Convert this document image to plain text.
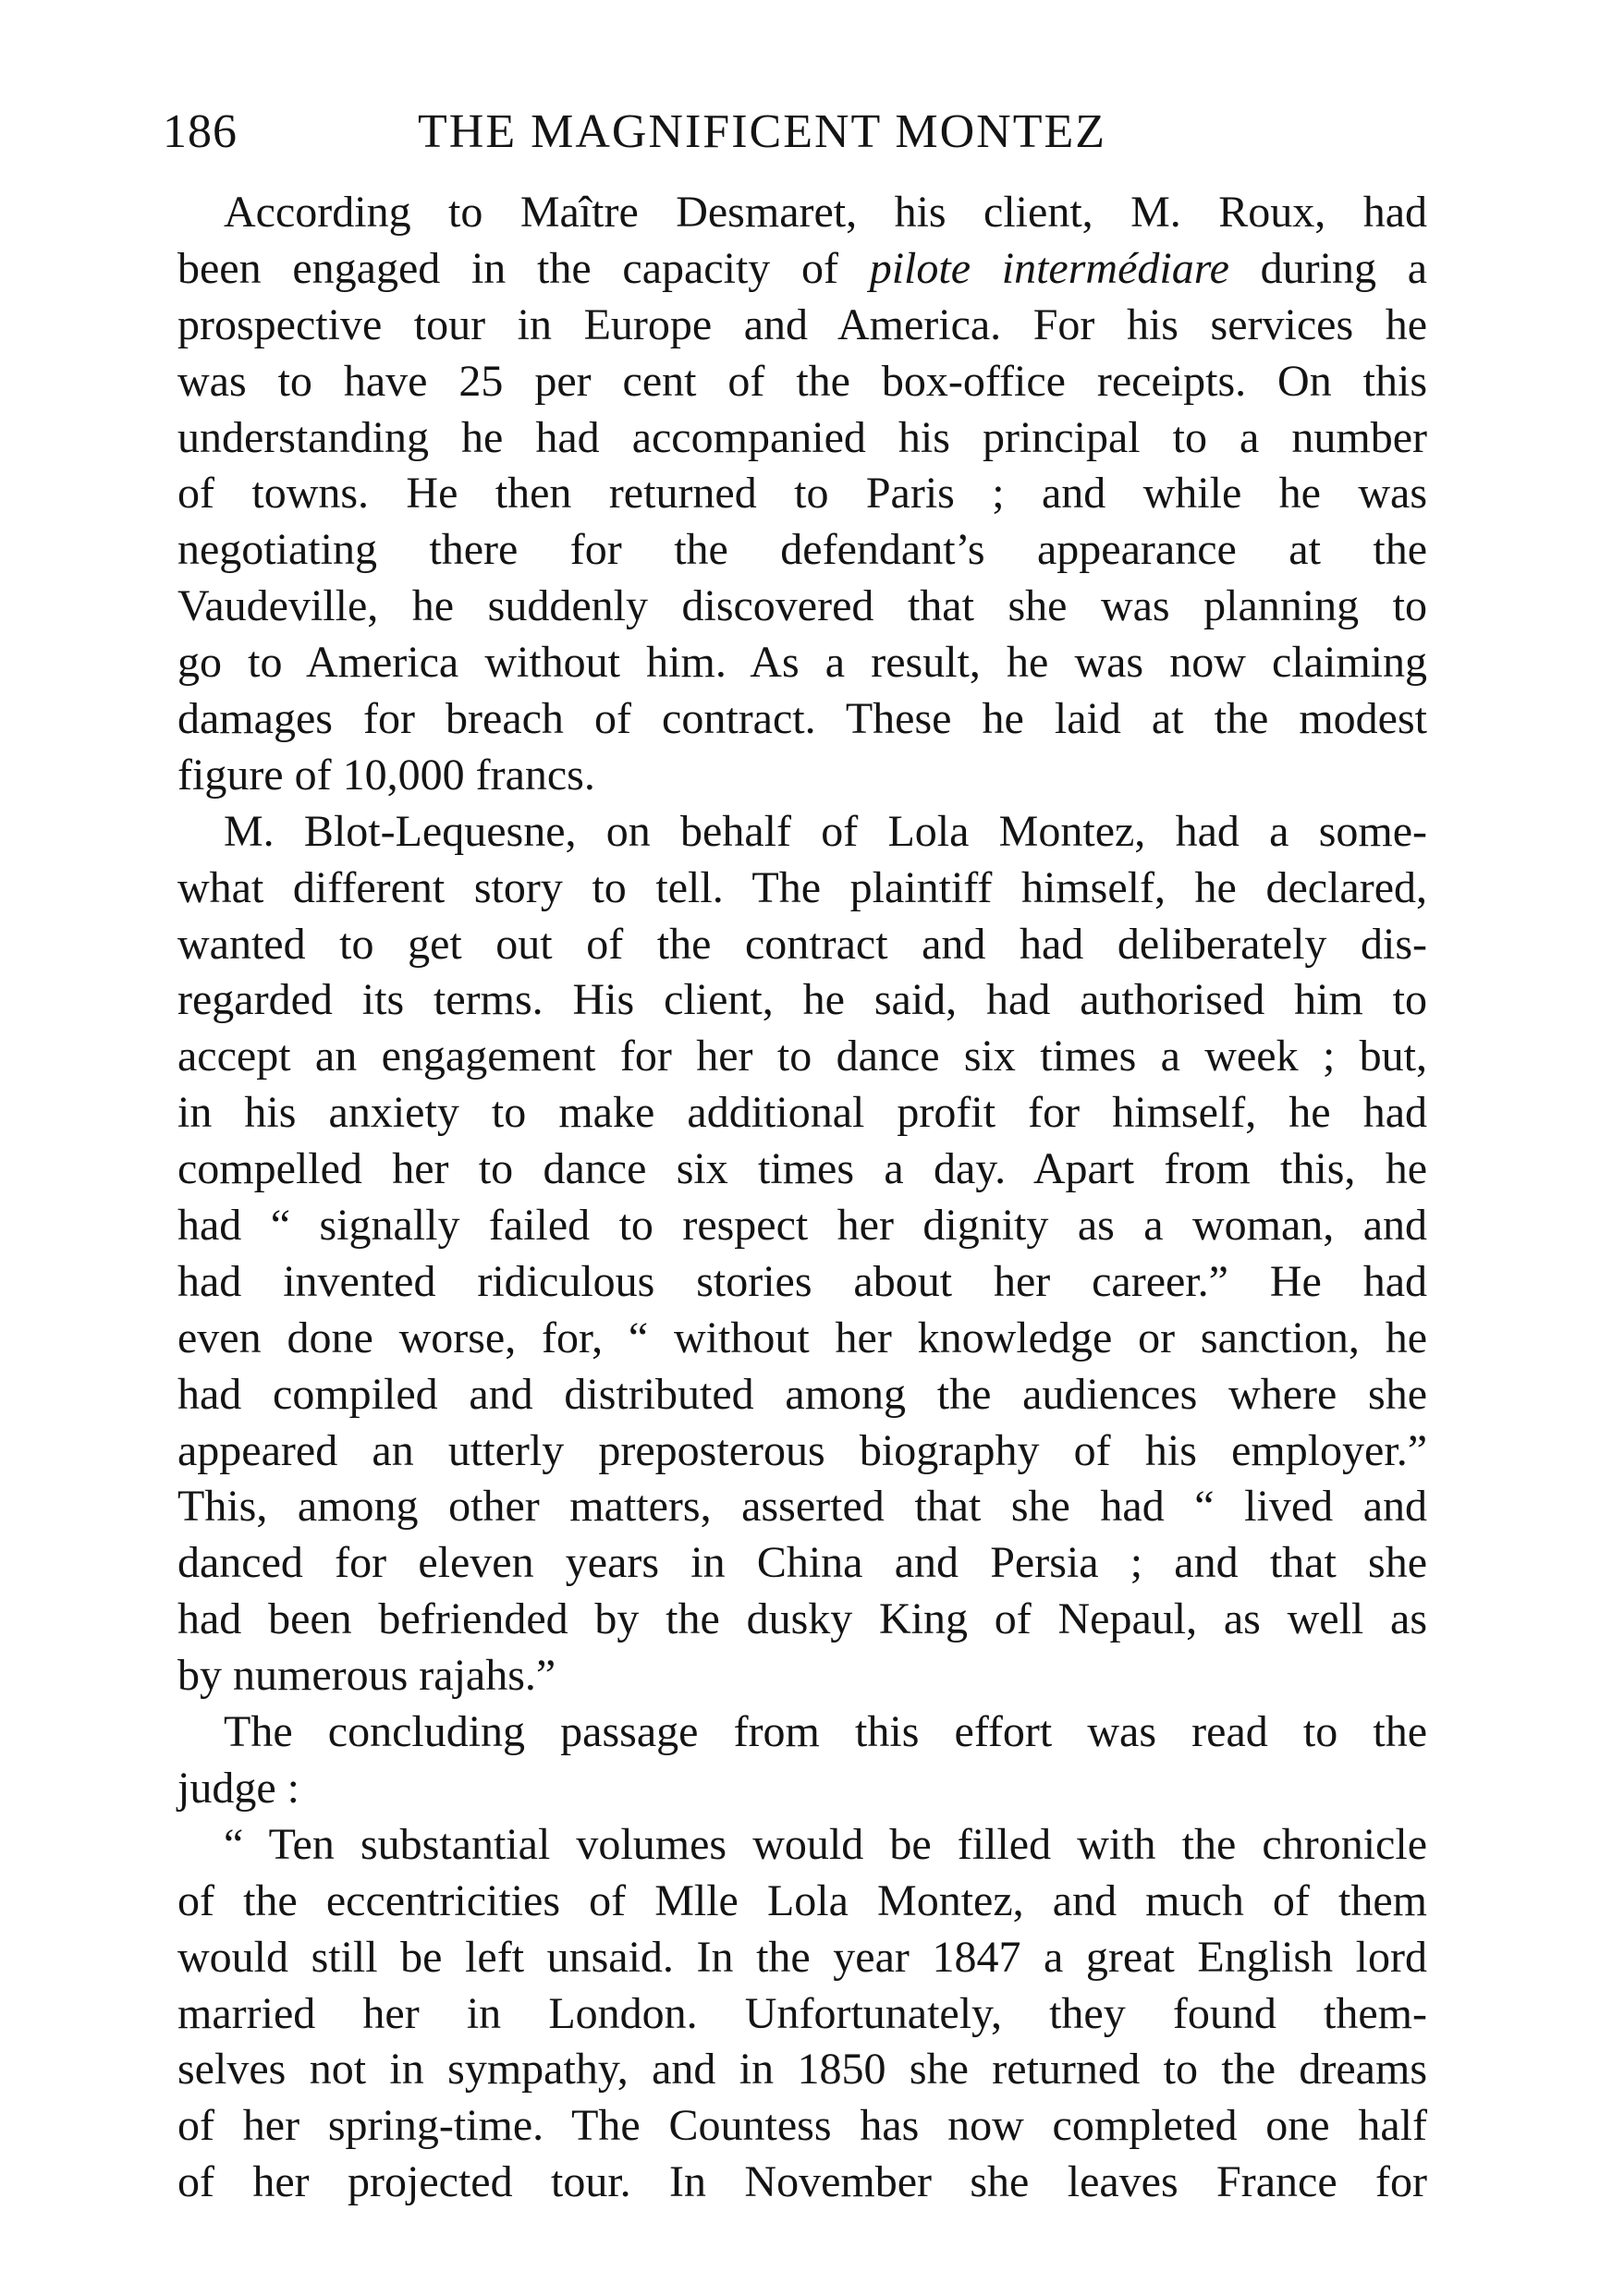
186	THE MAGNIFICENT MONTEZ
According to Maître Desmaret, his client, M. Roux, had
been engaged in the capacity of pilote intermédiare during a
prospective tour in Europe and America. For his services he
was to have 25 per cent of the box-office receipts. On this
understanding he had accompanied his principal to a number
of towns. He then returned to Paris ; and while he was
negotiating there for the defendant’s appearance at the
Vaudeville, he suddenly discovered that she was planning to
go to America without him. As a result, he was now claiming
damages for breach of contract. These he laid at the modest
figure of 10,000 francs.
M. Blot-Lequesne, on behalf of Lola Montez, had a some-
what different story to tell. The plaintiff himself, he declared,
wanted to get out of the contract and had deliberately dis-
regarded its terms. His client, he said, had authorised him to
accept an engagement for her to dance six times a week ; but,
in his anxiety to make additional profit for himself, he had
compelled her to dance six times a day. Apart from this, he
had “ signally failed to respect her dignity as a woman, and
had invented ridiculous stories about her career.” He had
even done worse, for, “ without her knowledge or sanction, he
had compiled and distributed among the audiences where she
appeared an utterly preposterous biography of his employer.”
This, among other matters, asserted that she had “ lived and
danced for eleven years in China and Persia ; and that she
had been befriended by the dusky King of Nepaul, as well as
by numerous rajahs.”
The concluding passage from this effort was read to the
judge :
“ Ten substantial volumes would be filled with the chronicle
of the eccentricities of Mlle Lola Montez, and much of them
would still be left unsaid. In the year 1847 a great English lord
married her in London. Unfortunately, they found them-
selves not in sympathy, and in 1850 she returned to the dreams
of her spring-time. The Countess has now completed one half
of her projected tour. In November she leaves France for
